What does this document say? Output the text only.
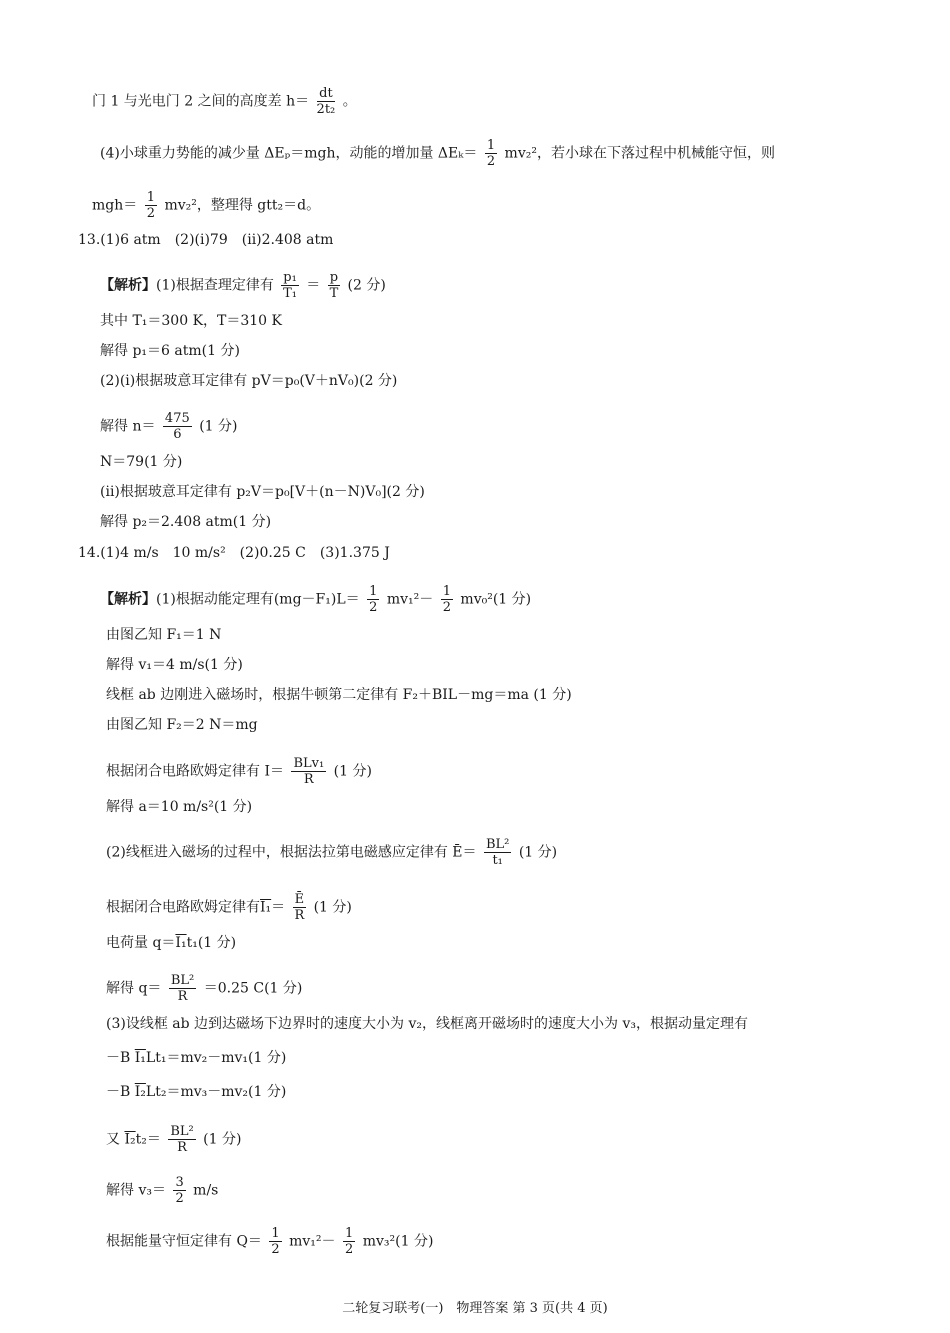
门 1 与光电门 2 之间的高度差 $h= \frac{dt}{\text{2t₂}}$ 。
(4)小球重力势能的减少量 ΔEₚ＝mgh，动能的增加量 $\Delta E_k= \frac{1}{2} mv_2^2$，若小球在下落过程中机械能守恒，则
$mgh= \frac{1}{2} mv_2^2$，整理得 gtt₂＝d。
13.(1)6 atm　(2)(ⅰ)79　(ⅱ)2.408 atm
【解析】(1)根据查理定律有 $\frac{\text{p₁}}{\text{T₁}} = \frac{p}{T} (2$ 分)
其中 T₁＝300 K，T＝310 K
解得 p₁＝6 atm(1 分)
(2)(ⅰ)根据玻意耳定律有 pV＝p₀(V＋nV₀)(2 分)
解得 $n= \frac{475}{6} (1$ 分)
N＝79(1 分)
(ⅱ)根据玻意耳定律有 p₂V＝p₀[V＋(n－N)V₀](2 分)
解得 p₂＝2.408 atm(1 分)
14.(1)4 m/s　10 m/s²　(2)0.25 C　(3)1.375 J
【解析】(1)根据动能定理有$(mg-F_1)L= \frac{1}{2} mv_1^2- \frac{1}{2} mv_0^2(1$ 分)
由图乙知 F₁＝1 N
解得 v₁＝4 m/s(1 分)
线框 ab 边刚进入磁场时，根据牛顿第二定律有 F₂＋BIL－mg＝ma (1 分)
由图乙知 F₂＝2 N＝mg
根据闭合电路欧姆定律有 $I= \frac{\text{BLv₁}}{R} (1$ 分)
解得 a＝10 m/s²(1 分)
(2)线框进入磁场的过程中，根据法拉第电磁感应定律有 Ē＝ $\frac{\text{BL²}}{\text{t₁}} (1$ 分)
根据闭合电路欧姆定律有$I_1= \frac{Ē}{R} (1$ 分)
电荷量 q＝I₁t₁(1 分)
解得 $q= \frac{\text{BL²}}{R} =0.25$ C(1 分)
(3)设线框 ab 边到达磁场下边界时的速度大小为 v₂，线框离开磁场时的速度大小为 v₃，根据动量定理有
－B I₁Lt₁＝mv₂－mv₁(1 分)
－B I₂Lt₂＝mv₃－mv₂(1 分)
又 $I_2t_2= \frac{\text{BL²}}{R} (1$ 分)
解得 $v_3= \frac{3}{2} m/s$
根据能量守恒定律有 $Q= \frac{1}{2} mv_1^2- \frac{1}{2} mv_3^2(1$ 分)
二轮复习联考(一)　物理答案 第 3 页(共 4 页)
